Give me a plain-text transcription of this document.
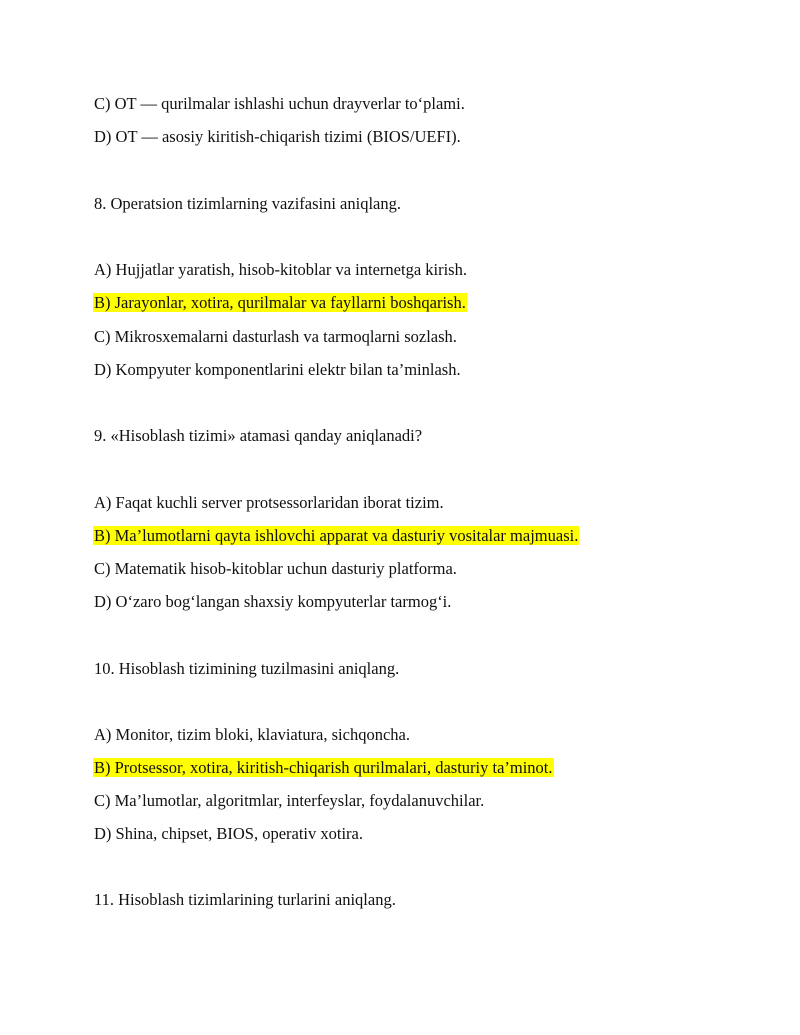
C) OT — qurilmalar ishlashi uchun drayverlar to‘plami.
D) OT — asosiy kiritish-chiqarish tizimi (BIOS/UEFI).
8. Operatsion tizimlarning vazifasini aniqlang.
A) Hujjatlar yaratish, hisob-kitoblar va internetga kirish.
B) Jarayonlar, xotira, qurilmalar va fayllarni boshqarish.
C) Mikrosxemalarni dasturlash va tarmoqlarni sozlash.
D) Kompyuter komponentlarini elektr bilan ta’minlash.
9. «Hisoblash tizimi» atamasi qanday aniqlanadi?
A) Faqat kuchli server protsessorlaridan iborat tizim.
B) Ma’lumotlarni qayta ishlovchi apparat va dasturiy vositalar majmuasi.
C) Matematik hisob-kitoblar uchun dasturiy platforma.
D) O‘zaro bog‘langan shaxsiy kompyuterlar tarmog‘i.
10. Hisoblash tizimining tuzilmasini aniqlang.
A) Monitor, tizim bloki, klaviatura, sichqoncha.
B) Protsessor, xotira, kiritish-chiqarish qurilmalari, dasturiy ta’minot.
C) Ma’lumotlar, algoritmlar, interfeyslar, foydalanuvchilar.
D) Shina, chipset, BIOS, operativ xotira.
11. Hisoblash tizimlarining turlarini aniqlang.
